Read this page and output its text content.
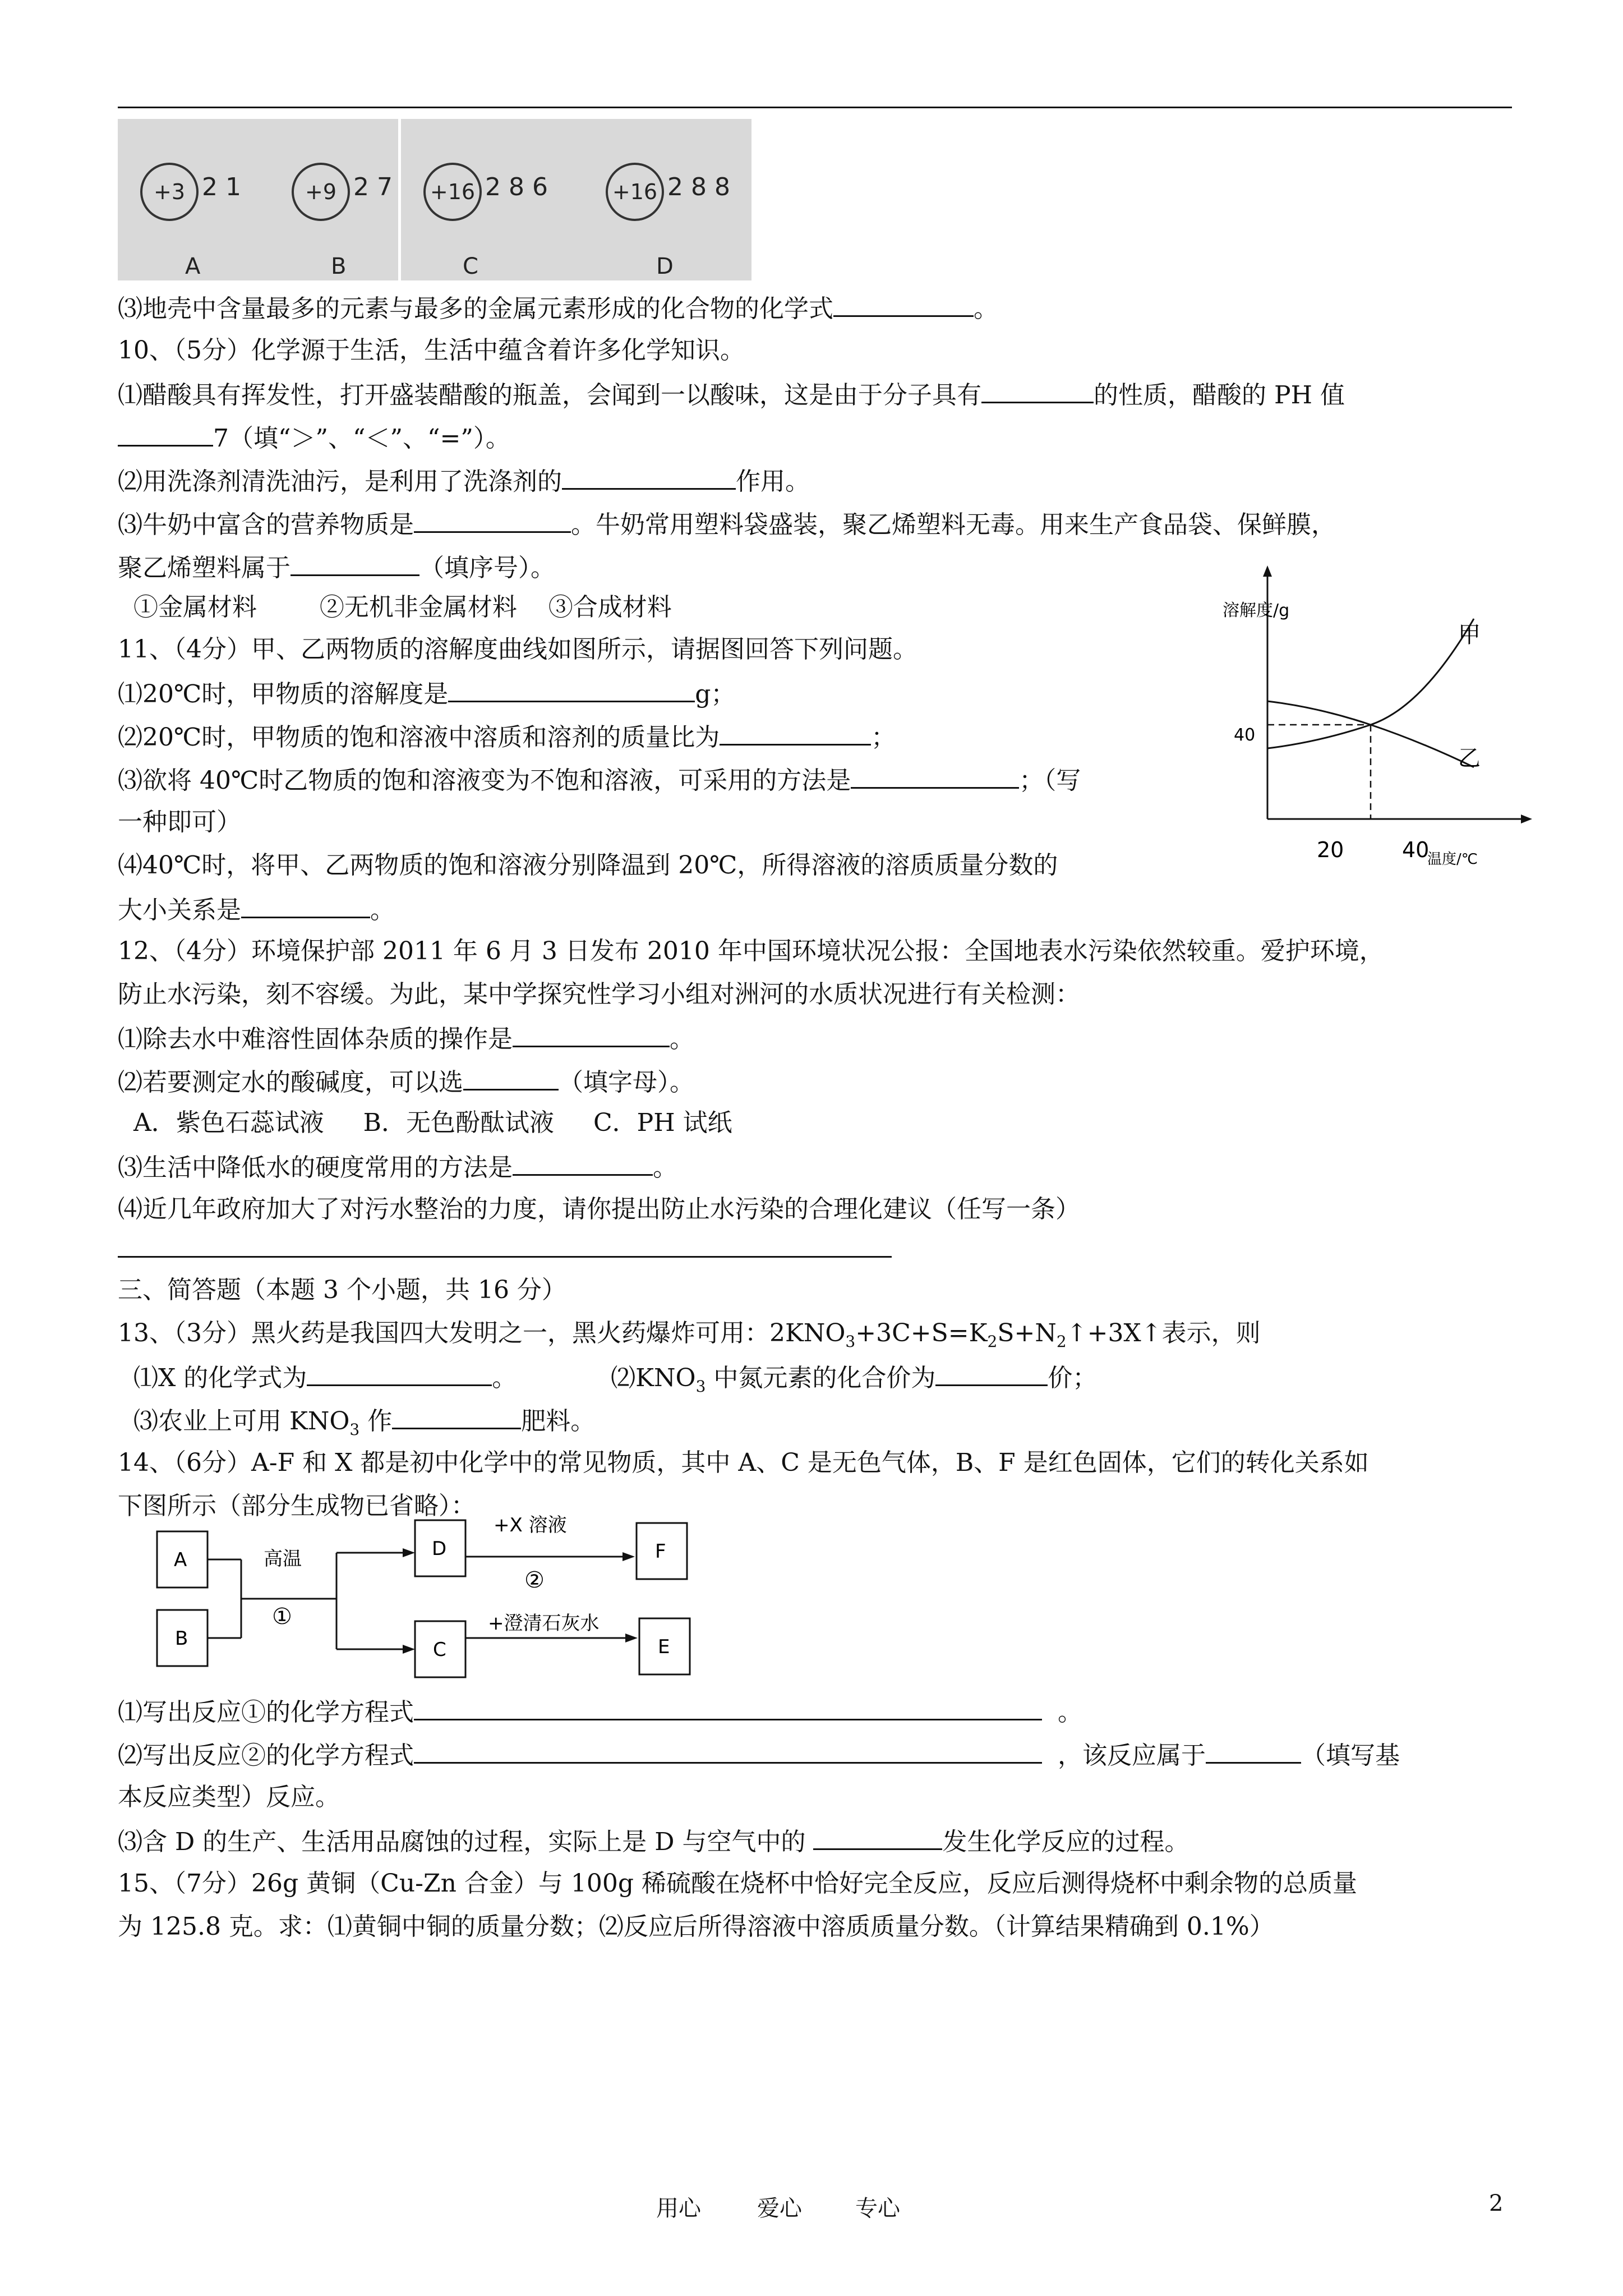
+3 21
A
+9 27
B
+16 286
C
+16 288
D
⑶地壳中含量最多的元素与最多的金属元素形成的化合物的化学式	。
10、（5分）化学源于生活，生活中蕴含着许多化学知识。
⑴醋酸具有挥发性，打开盛装醋酸的瓶盖，会闻到一以酸味，这是由于分子具有	的性质，醋酸的 PH 值
7（填“＞”、“＜”、“=”）。
⑵用洗涤剂清洗油污，是利用了洗涤剂的	作用。
⑶牛奶中富含的营养物质是	。牛奶常用塑料袋盛装，聚乙烯塑料无毒。用来生产食品袋、保鲜膜，
聚乙烯塑料属于	（填序号）。
①金属材料        ②无机非金属材料    ③合成材料
11、（4分）甲、乙两物质的溶解度曲线如图所示，请据图回答下列问题。
⑴20℃时，甲物质的溶解度是	g；
⑵20℃时，甲物质的饱和溶液中溶质和溶剂的质量比为	；
⑶欲将 40℃时乙物质的饱和溶液变为不饱和溶液，可采用的方法是	；（写
一种即可）
⑷40℃时，将甲、乙两物质的饱和溶液分别降温到 20℃，所得溶液的溶质质量分数的
大小关系是	。
12、（4分）环境保护部 2011 年 6 月 3 日发布 2010 年中国环境状况公报：全国地表水污染依然较重。爱护环境，
防止水污染，刻不容缓。为此，某中学探究性学习小组对洲河的水质状况进行有关检测：
⑴除去水中难溶性固体杂质的操作是	。
⑵若要测定水的酸碱度，可以选	（填字母）。
A．紫色石蕊试液     B．无色酚酞试液     C．PH 试纸
⑶生活中降低水的硬度常用的方法是	。
⑷近几年政府加大了对污水整治的力度，请你提出防止水污染的合理化建议（任写一条）
三、简答题（本题 3 个小题，共 16 分）
13、（3分）黑火药是我国四大发明之一，黑火药爆炸可用：$2KNO_3+3C+S=K_2S+N_2↑+3X↑$表示，则
⑴X 的化学式为	。	$⑵KNO_3$ 中氮元素的化合价为	价；
⑶农业上可用 $KNO_3$ 作	肥料。
14、（6分）A-F 和 X 都是初中化学中的常见物质，其中 A、C 是无色气体，B、F 是红色固体，它们的转化关系如
下图所示（部分生成物已省略）：
⑴写出反应①的化学方程式	。
⑵写出反应②的化学方程式	，该反应属于	（填写基
本反应类型）反应。
⑶含 D 的生产、生活用品腐蚀的过程，实际上是 D 与空气中的	发生化学反应的过程。
15、（7分）26g 黄铜（Cu-Zn 合金）与 100g 稀硫酸在烧杯中恰好完全反应，反应后测得烧杯中剩余物的总质量
为 125.8 克。求：⑴黄铜中铜的质量分数；⑵反应后所得溶液中溶质质量分数。（计算结果精确到 0.1%）
溶解度/g
温度/℃
40
20	40
甲
乙
A
B
高温
①
D
C
+X 溶液
②
+澄清石灰水
F
E
用心	爱心 专心	2
